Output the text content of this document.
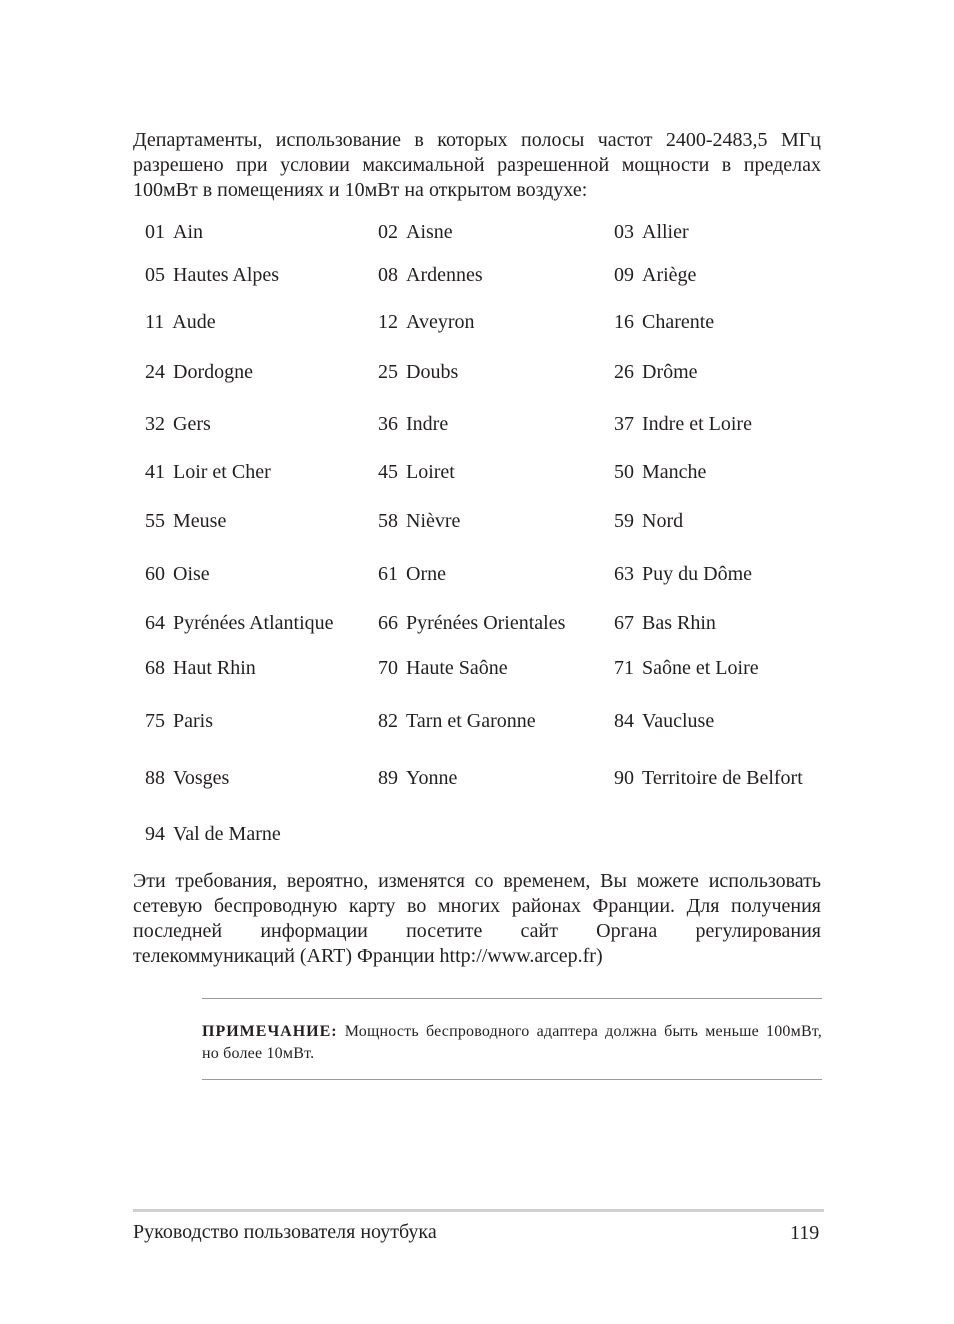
Департаменты, использование в которых полосы частот 2400-2483,5 МГц разрешено при условии максимальной разрешенной мощности в пределах 100мВт в помещениях и 10мВт на открытом воздухе:

01 Ain	02 Aisne	03 Allier
05 Hautes Alpes	08 Ardennes	09 Ariège
11 Aude	12 Aveyron	16 Charente
24 Dordogne	25 Doubs	26 Drôme
32 Gers	36 Indre	37 Indre et Loire
41 Loir et Cher	45 Loiret	50 Manche
55 Meuse	58 Nièvre	59 Nord
60 Oise	61 Orne	63 Puy du Dôme
64 Pyrénées Atlantique 66 Pyrénées Orientales 67 Bas Rhin
68 Haut Rhin	70 Haute Saône	71 Saône et Loire
75 Paris	82 Tarn et Garonne	84 Vaucluse
88 Vosges	89 Yonne	90 Territoire de Belfort
94 Val de Marne

Эти требования, вероятно, изменятся со временем, Вы можете использовать сетевую беспроводную карту во многих районах Франции. Для получения последней информации посетите сайт Органа регулирования телекоммуникаций (ART) Франции http://www.arcep.fr)

ПРИМЕЧАНИЕ: Мощность беспроводного адаптера должна быть меньше 100мВт, но более 10мВт.

Руководство пользователя ноутбука	119
